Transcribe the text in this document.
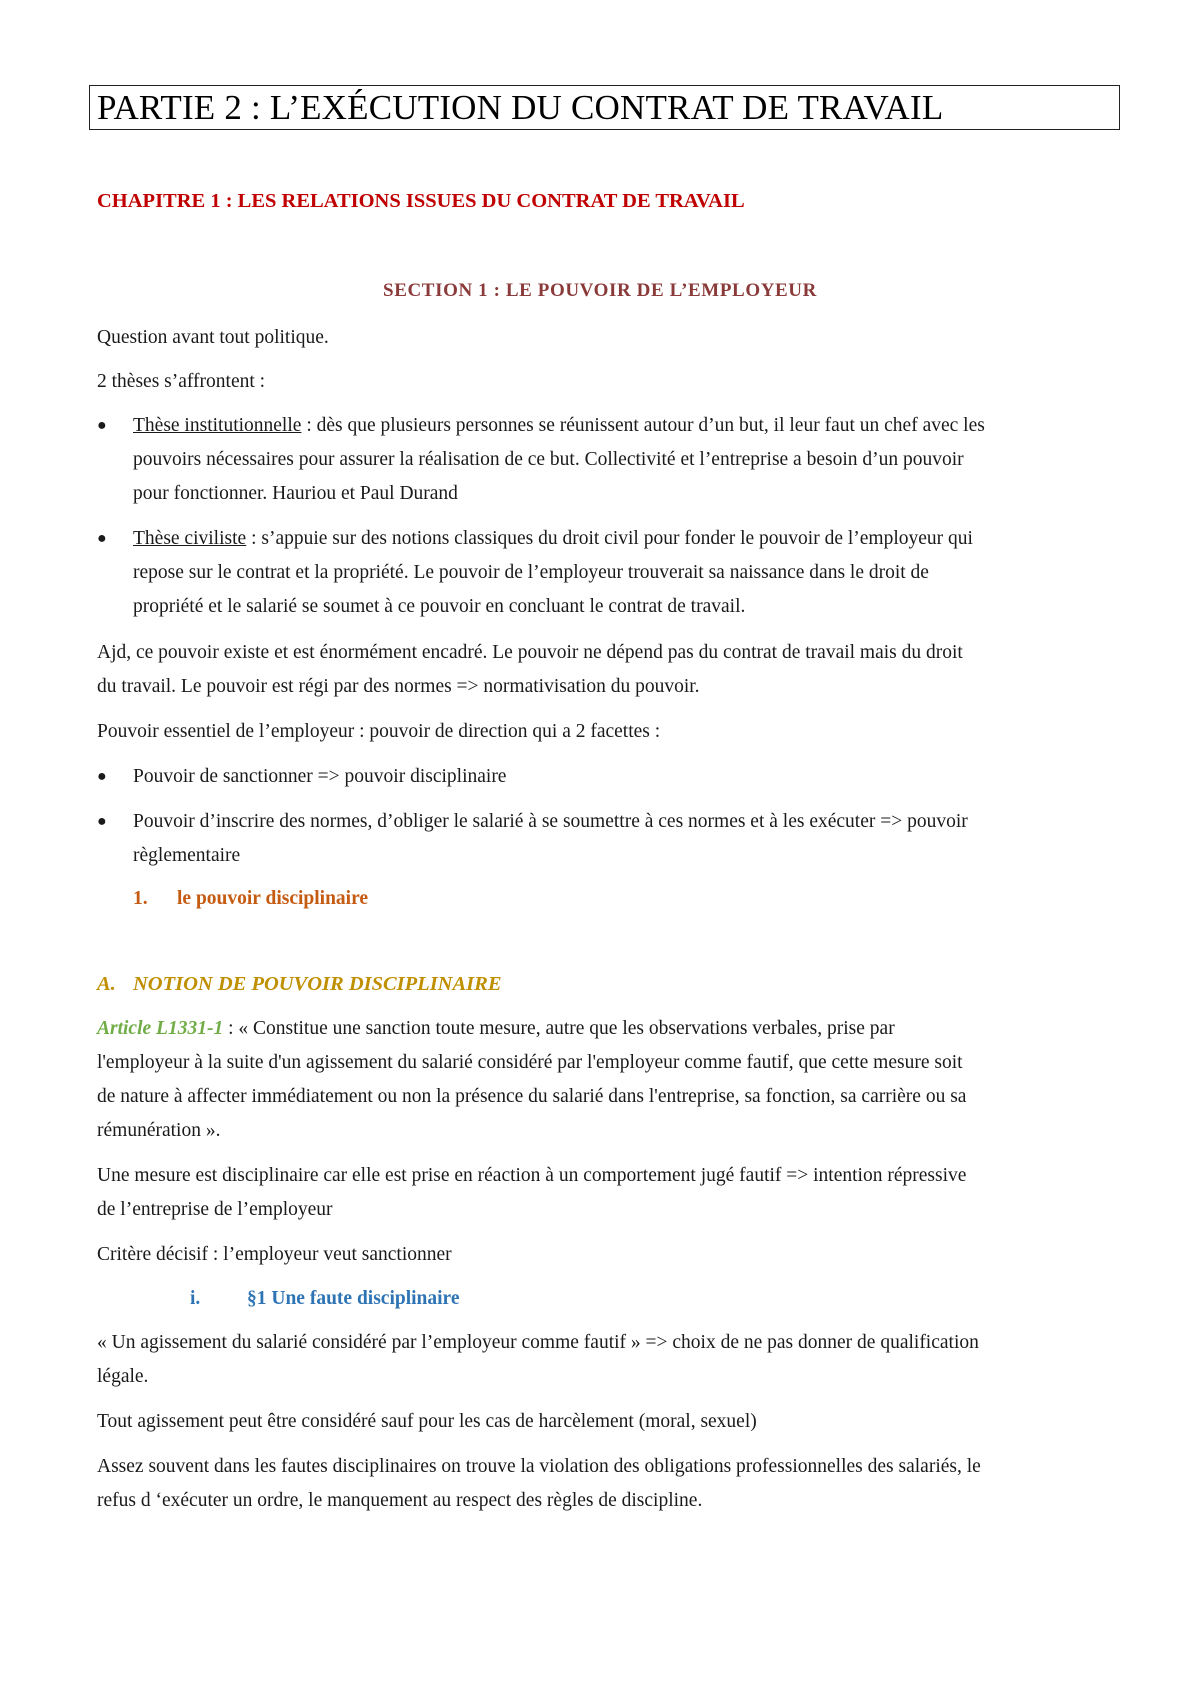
PARTIE 2 : L’EXÉCUTION DU CONTRAT DE TRAVAIL
CHAPITRE 1 : LES RELATIONS ISSUES DU CONTRAT DE TRAVAIL
SECTION 1 : LE POUVOIR DE L’EMPLOYEUR
Question avant tout politique.
2 thèses s’affrontent :
● Thèse institutionnelle : dès que plusieurs personnes se réunissent autour d’un but, il leur faut un chef avec les
pouvoirs nécessaires pour assurer la réalisation de ce but. Collectivité et l’entreprise a besoin d’un pouvoir
pour fonctionner. Hauriou et Paul Durand
● Thèse civiliste : s’appuie sur des notions classiques du droit civil pour fonder le pouvoir de l’employeur qui
repose sur le contrat et la propriété. Le pouvoir de l’employeur trouverait sa naissance dans le droit de
propriété et le salarié se soumet à ce pouvoir en concluant le contrat de travail.
Ajd, ce pouvoir existe et est énormément encadré. Le pouvoir ne dépend pas du contrat de travail mais du droit
du travail. Le pouvoir est régi par des normes => normativisation du pouvoir.
Pouvoir essentiel de l’employeur : pouvoir de direction qui a 2 facettes :
● Pouvoir de sanctionner => pouvoir disciplinaire
● Pouvoir d’inscrire des normes, d’obliger le salarié à se soumettre à ces normes et à les exécuter => pouvoir
règlementaire
1. le pouvoir disciplinaire
A. NOTION DE POUVOIR DISCIPLINAIRE
Article L1331-1 : « Constitue une sanction toute mesure, autre que les observations verbales, prise par
l'employeur à la suite d'un agissement du salarié considéré par l'employeur comme fautif, que cette mesure soit
de nature à affecter immédiatement ou non la présence du salarié dans l'entreprise, sa fonction, sa carrière ou sa
rémunération ».
Une mesure est disciplinaire car elle est prise en réaction à un comportement jugé fautif => intention répressive
de l’entreprise de l’employeur
Critère décisif : l’employeur veut sanctionner
i. §1 Une faute disciplinaire
« Un agissement du salarié considéré par l’employeur comme fautif » => choix de ne pas donner de qualification
légale.
Tout agissement peut être considéré sauf pour les cas de harcèlement (moral, sexuel)
Assez souvent dans les fautes disciplinaires on trouve la violation des obligations professionnelles des salariés, le
refus d ‘exécuter un ordre, le manquement au respect des règles de discipline.
